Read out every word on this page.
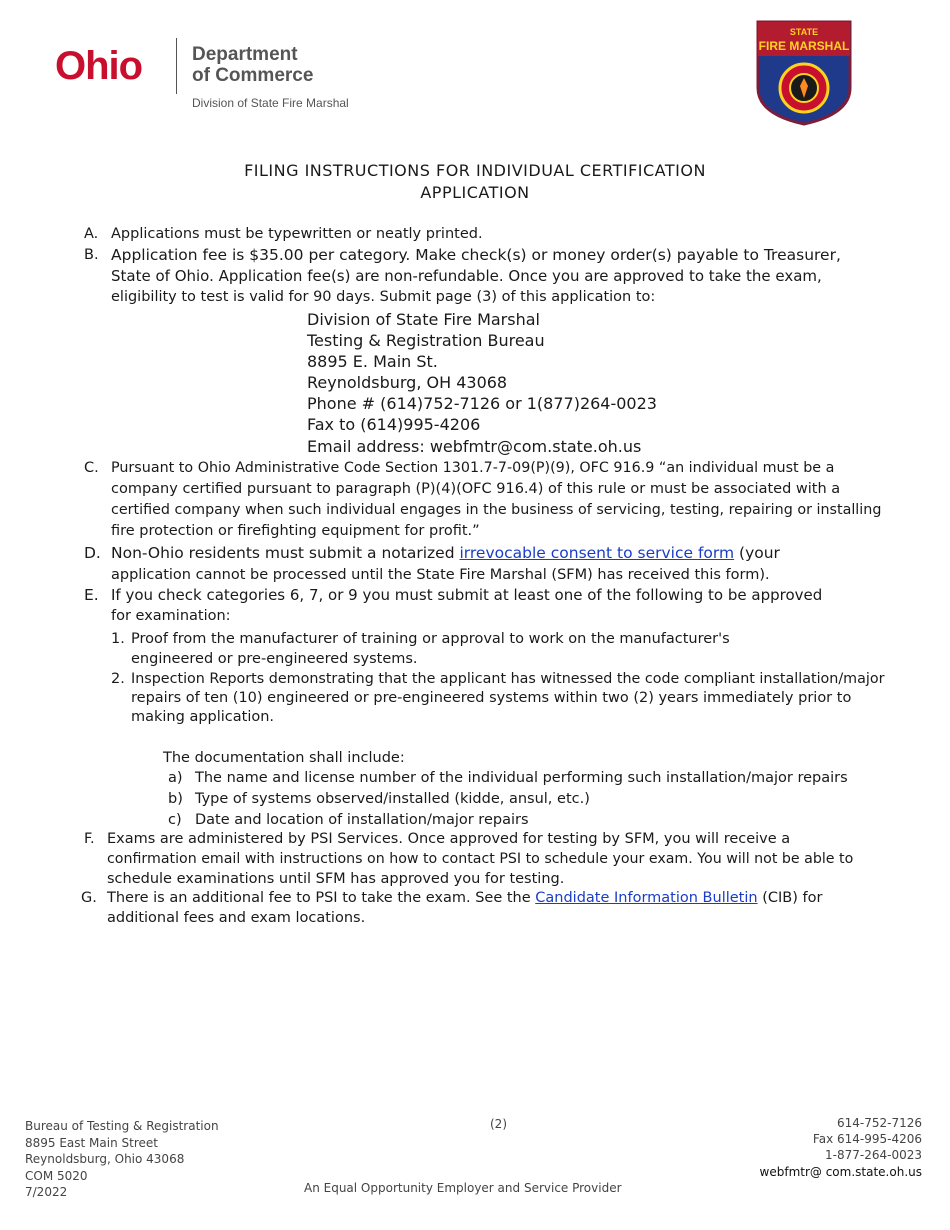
Ohio	Department
of Commerce
Division of State Fire Marshal
STATE
FIRE MARSHAL
FILING INSTRUCTIONS FOR INDIVIDUAL CERTIFICATION
APPLICATION
A. Applications must be typewritten or neatly printed.
B. Application fee is $35.00 per category. Make check(s) or money order(s) payable to Treasurer,
State of Ohio. Application fee(s) are non-refundable. Once you are approved to take the exam,
eligibility to test is valid for 90 days. Submit page (3) of this application to:
Division of State Fire Marshal
Testing & Registration Bureau
8895 E. Main St.
Reynoldsburg, OH 43068
Phone # (614)752-7126 or 1(877)264-0023
Fax to (614)995-4206
Email address: webfmtr@com.state.oh.us
C. Pursuant to Ohio Administrative Code Section 1301.7-7-09(P)(9), OFC 916.9 “an individual must be a
company certified pursuant to paragraph (P)(4)(OFC 916.4) of this rule or must be associated with a
certified company when such individual engages in the business of servicing, testing, repairing or installing
fire protection or firefighting equipment for profit.”
D. Non-Ohio residents must submit a notarized irrevocable consent to service form (your
application cannot be processed until the State Fire Marshal (SFM) has received this form).
E. If you check categories 6, 7, or 9 you must submit at least one of the following to be approved
for examination:
1. Proof from the manufacturer of training or approval to work on the manufacturer's
engineered or pre-engineered systems.
2. Inspection Reports demonstrating that the applicant has witnessed the code compliant installation/major
repairs of ten (10) engineered or pre-engineered systems within two (2) years immediately prior to
making application.
The documentation shall include:
a) The name and license number of the individual performing such installation/major repairs
b) Type of systems observed/installed (kidde, ansul, etc.)
c) Date and location of installation/major repairs
F. Exams are administered by PSI Services. Once approved for testing by SFM, you will receive a
confirmation email with instructions on how to contact PSI to schedule your exam. You will not be able to
schedule examinations until SFM has approved you for testing.
G. There is an additional fee to PSI to take the exam. See the Candidate Information Bulletin (CIB) for
additional fees and exam locations.
Bureau of Testing & Registration
8895 East Main Street
Reynoldsburg, Ohio 43068
COM 5020
7/2022
(2)
An Equal Opportunity Employer and Service Provider
614-752-7126
Fax 614-995-4206
1-877-264-0023
webfmtr@ com.state.oh.us
